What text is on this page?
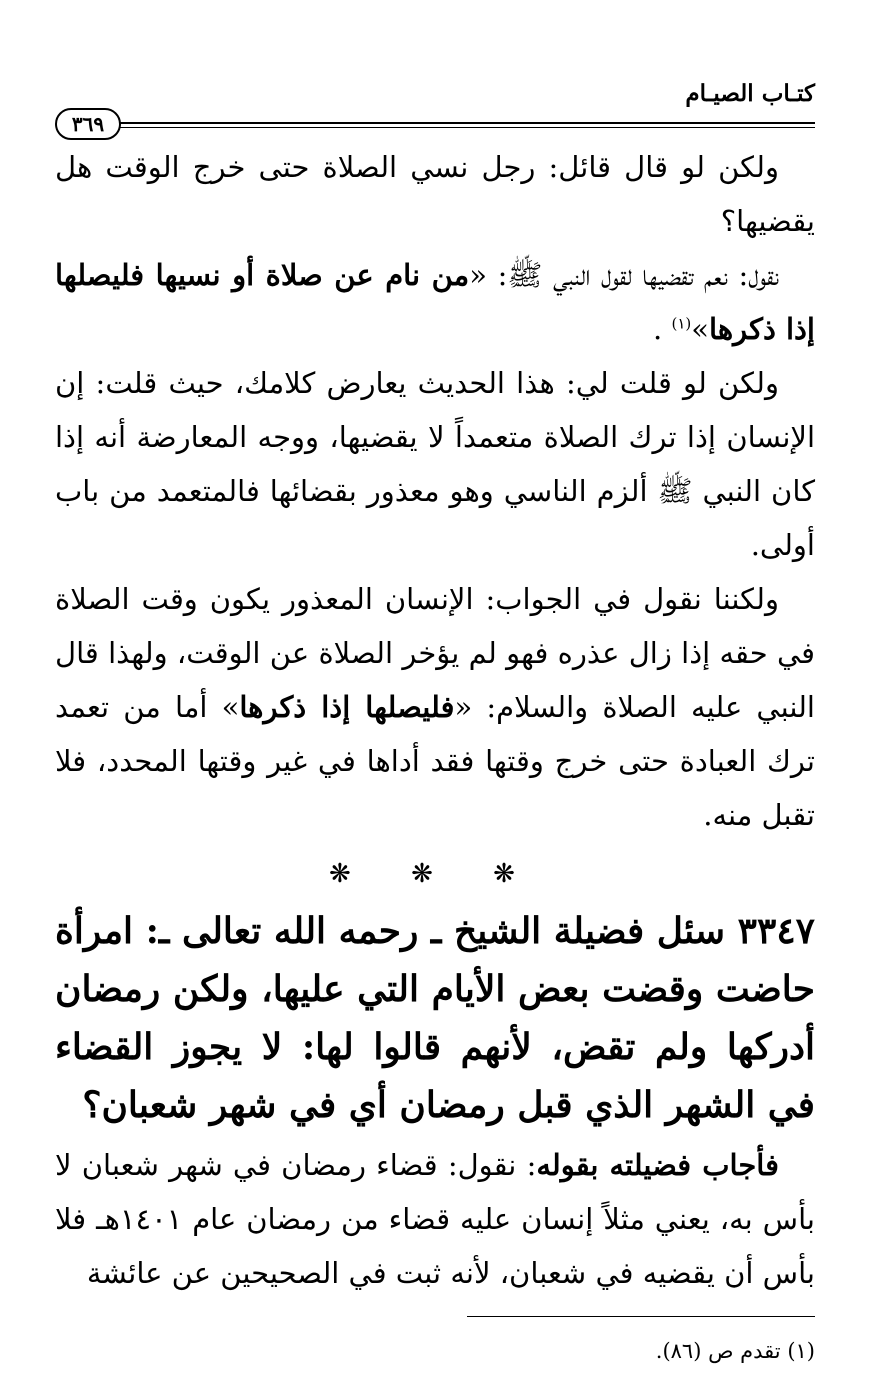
كتـاب الصيـام
٣٦٩

ولكن لو قال قائل: رجل نسي الصلاة حتى خرج الوقت هل يقضيها؟

نقول: نعم تقضيها لقول النبي ﷺ: «من نام عن صلاة أو نسيها فليصلها إذا ذكرها»$^{(١)}$ .

ولكن لو قلت لي: هذا الحديث يعارض كلامك، حيث قلت: إن الإنسان إذا ترك الصلاة متعمداً لا يقضيها، ووجه المعارضة أنه إذا كان النبي ﷺ ألزم الناسي وهو معذور بقضائها فالمتعمد من باب أولى.

ولكننا نقول في الجواب: الإنسان المعذور يكون وقت الصلاة في حقه إذا زال عذره فهو لم يؤخر الصلاة عن الوقت، ولهذا قال النبي عليه الصلاة والسلام: «فليصلها إذا ذكرها» أما من تعمد ترك العبادة حتى خرج وقتها فقد أداها في غير وقتها المحدد، فلا تقبل منه.

❋ ❋ ❋

٣٣٤٧ سئل فضيلة الشيخ ـ رحمه الله تعالى ـ: امرأة حاضت وقضت بعض الأيام التي عليها، ولكن رمضان أدركها ولم تقض، لأنهم قالوا لها: لا يجوز القضاء في الشهر الذي قبل رمضان أي في شهر شعبان؟

فأجاب فضيلته بقوله: نقول: قضاء رمضان في شهر شعبان لا بأس به، يعني مثلاً إنسان عليه قضاء من رمضان عام ١٤٠١هـ فلا بأس أن يقضيه في شعبان، لأنه ثبت في الصحيحين عن عائشة

(١) تقدم ص (٨٦).
